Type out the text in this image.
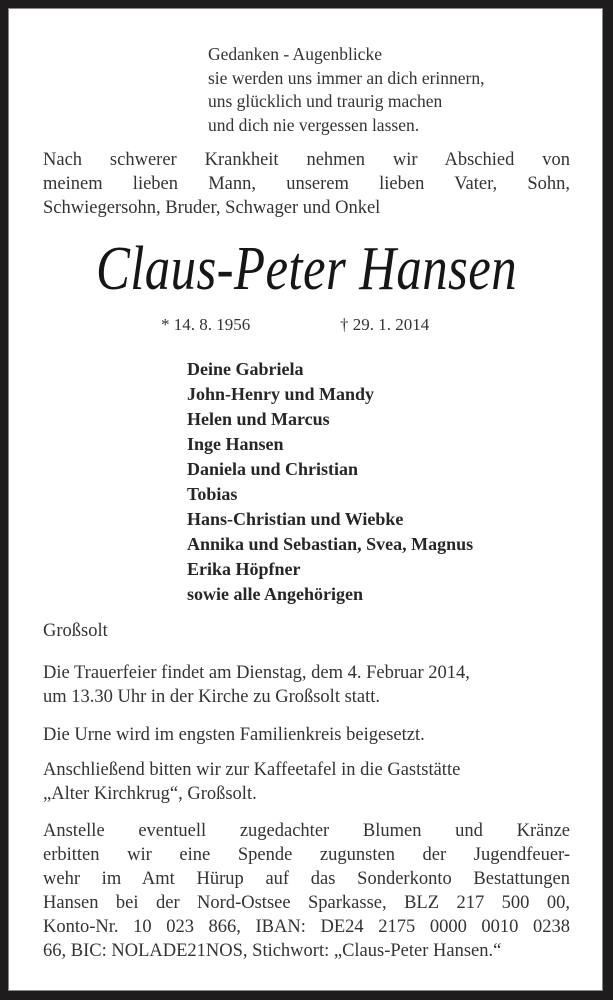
Gedanken - Augenblicke
sie werden uns immer an dich erinnern,
uns glücklich und traurig machen
und dich nie vergessen lassen.
Nach schwerer Krankheit nehmen wir Abschied von
meinem lieben Mann, unserem lieben Vater, Sohn,
Schwiegersohn, Bruder, Schwager und Onkel
Claus-Peter Hansen
* 14. 8. 1956	† 29. 1. 2014
Deine Gabriela
John-Henry und Mandy
Helen und Marcus
Inge Hansen
Daniela und Christian
Tobias
Hans-Christian und Wiebke
Annika und Sebastian, Svea, Magnus
Erika Höpfner
sowie alle Angehörigen
Großsolt
Die Trauerfeier findet am Dienstag, dem 4. Februar 2014,
um 13.30 Uhr in der Kirche zu Großsolt statt.
Die Urne wird im engsten Familienkreis beigesetzt.
Anschließend bitten wir zur Kaffeetafel in die Gaststätte
„Alter Kirchkrug“, Großsolt.
Anstelle eventuell zugedachter Blumen und Kränze
erbitten wir eine Spende zugunsten der Jugendfeuer-
wehr im Amt Hürup auf das Sonderkonto Bestattungen
Hansen bei der Nord-Ostsee Sparkasse, BLZ 217 500 00,
Konto-Nr. 10 023 866, IBAN: DE24 2175 0000 0010 0238
66, BIC: NOLADE21NOS, Stichwort: „Claus-Peter Hansen.“
